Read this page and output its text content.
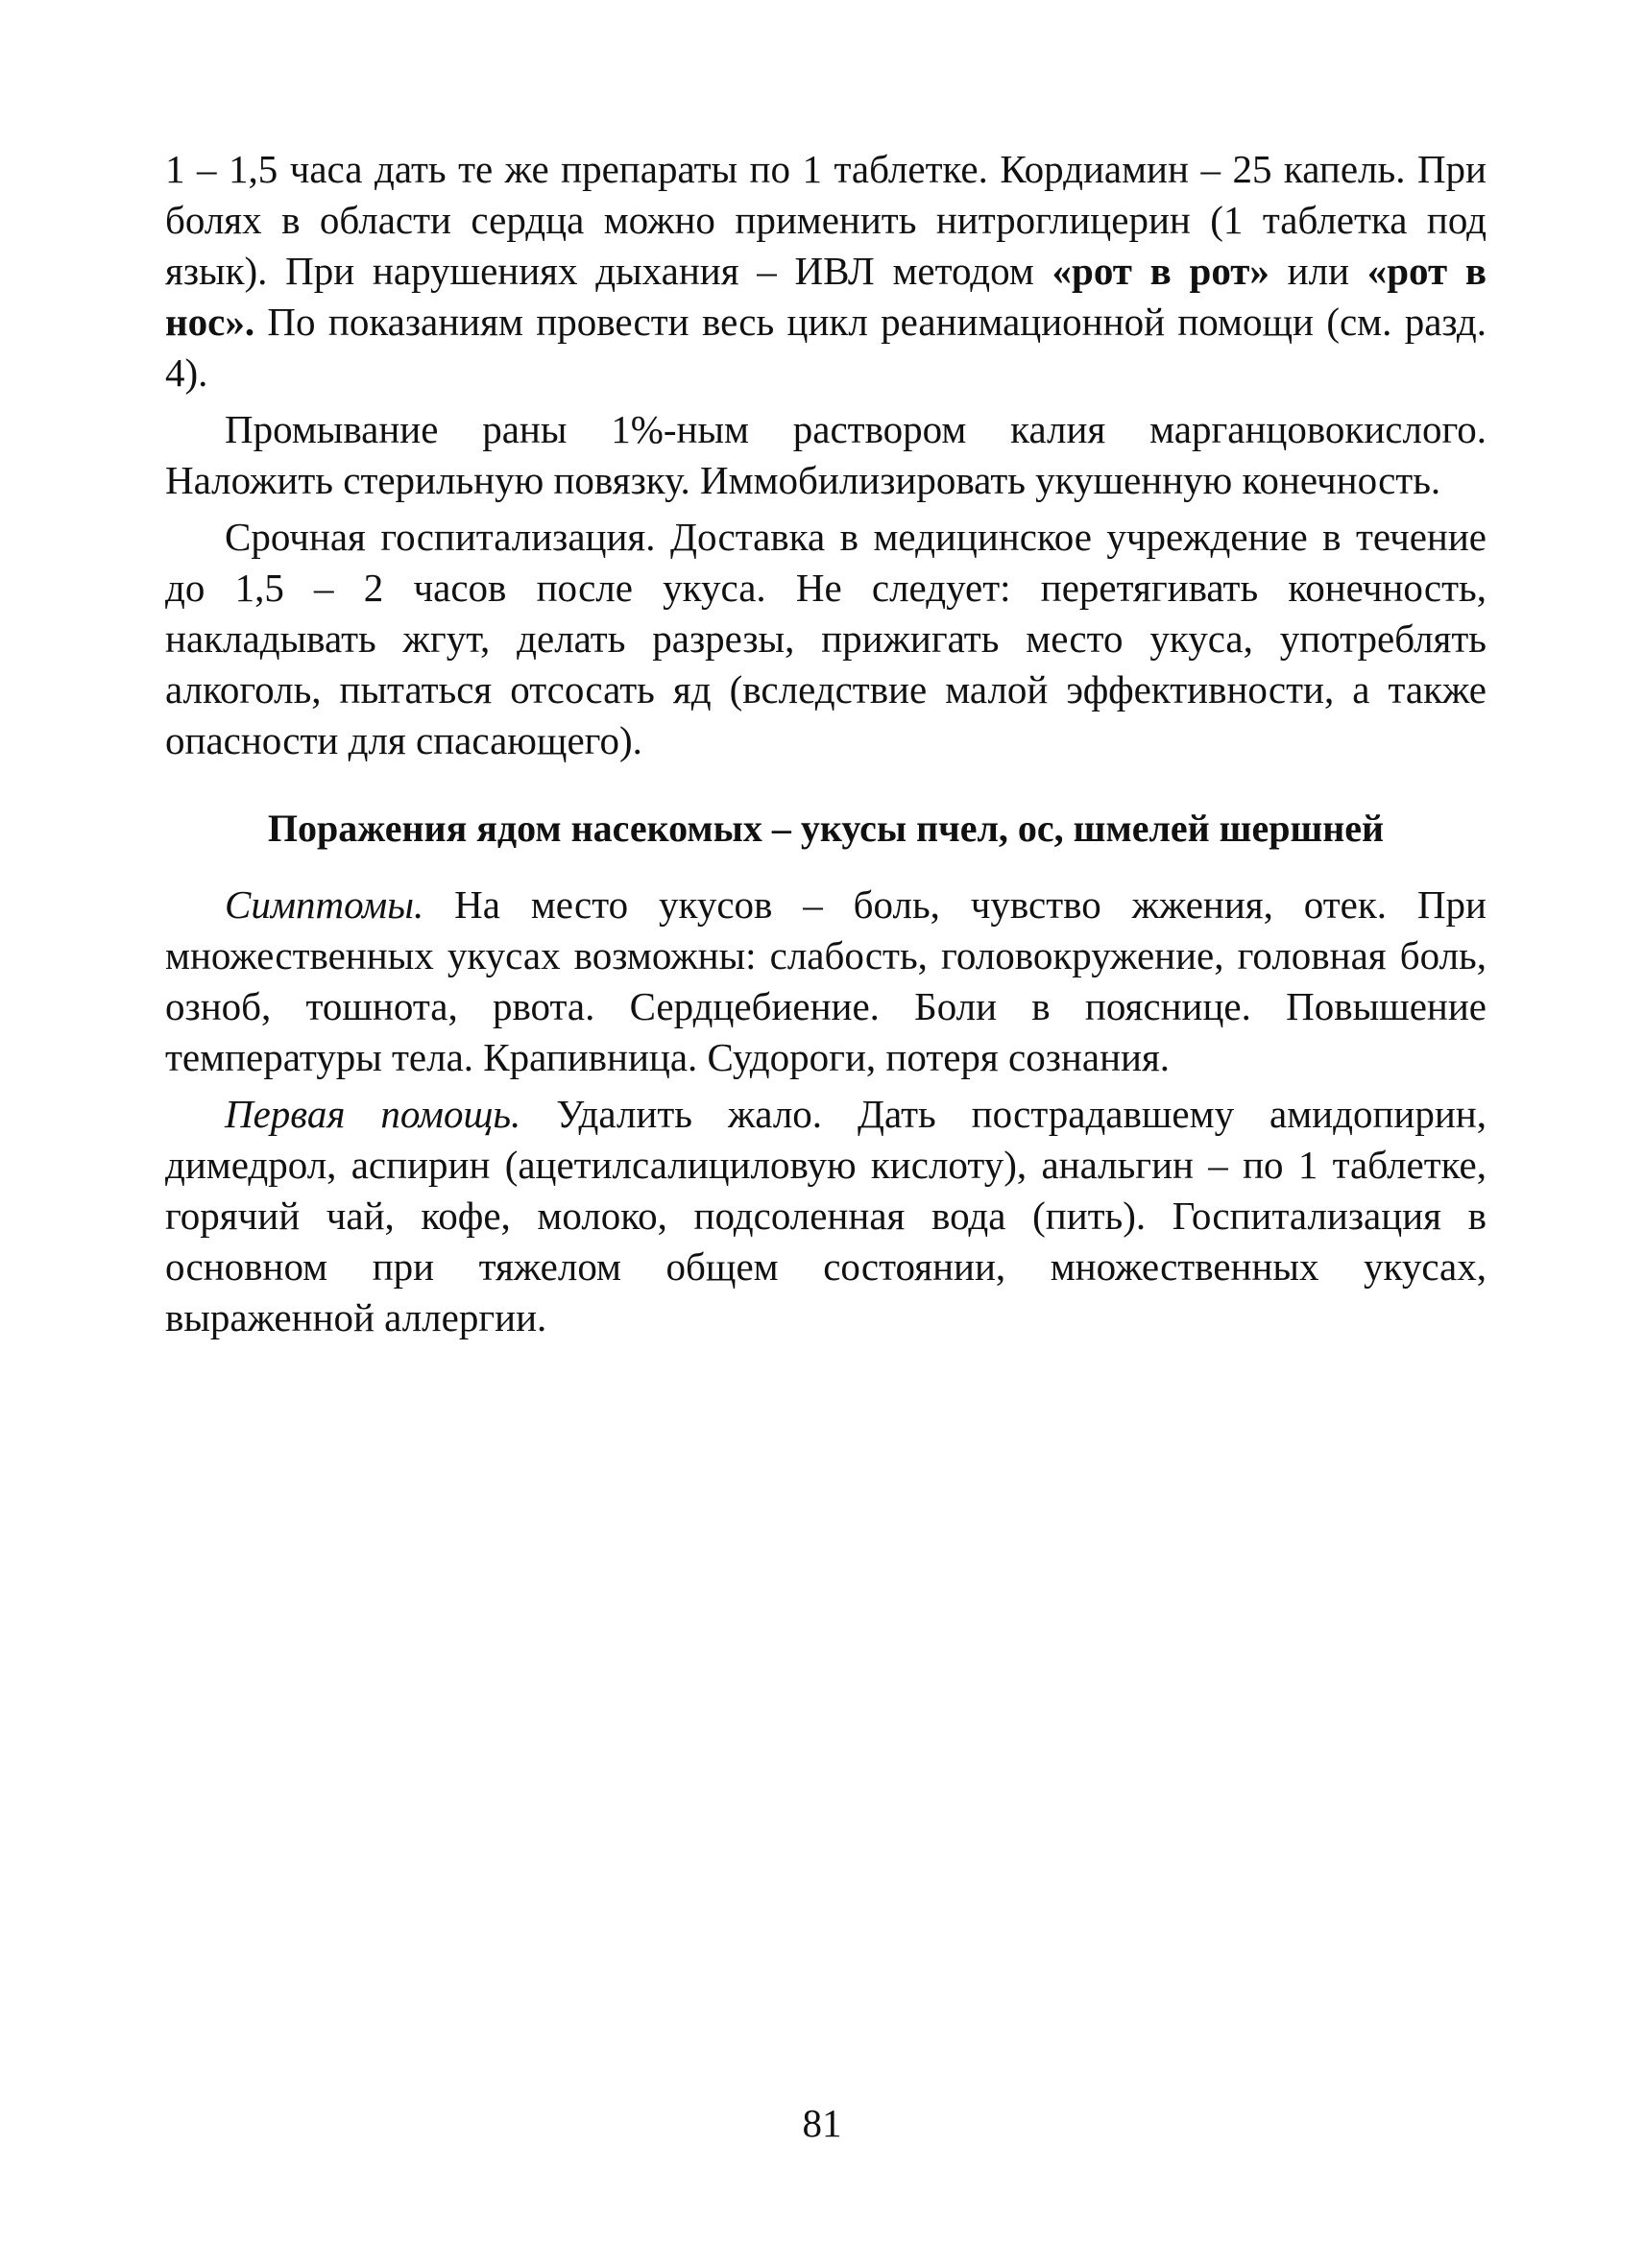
1 – 1,5 часа дать те же препараты по 1 таблетке. Кордиамин – 25 капель. При болях в области сердца можно применить нитроглицерин (1 таблетка под язык). При нарушениях дыхания – ИВЛ методом «рот в рот» или «рот в нос». По показаниям провести весь цикл реанимационной помощи (см. разд. 4).

Промывание раны 1%-ным раствором калия марганцовокислого. Наложить стерильную повязку. Иммобилизировать укушенную конечность.

Срочная госпитализация. Доставка в медицинское учреждение в течение до 1,5 – 2 часов после укуса. Не следует: перетягивать конечность, накладывать жгут, делать разрезы, прижигать место укуса, употреблять алкоголь, пытаться отсосать яд (вследствие малой эффективности, а также опасности для спасающего).

Поражения ядом насекомых – укусы пчел, ос, шмелей шершней

Симптомы. На место укусов – боль, чувство жжения, отек. При множественных укусах возможны: слабость, головокружение, головная боль, озноб, тошнота, рвота. Сердцебиение. Боли в пояснице. Повышение температуры тела. Крапивница. Судороги, потеря сознания.

Первая помощь. Удалить жало. Дать пострадавшему амидопирин, димедрол, аспирин (ацетилсалициловую кислоту), анальгин – по 1 таблетке, горячий чай, кофе, молоко, подсоленная вода (пить). Госпитализация в основном при тяжелом общем состоянии, множественных укусах, выраженной аллергии.

81
